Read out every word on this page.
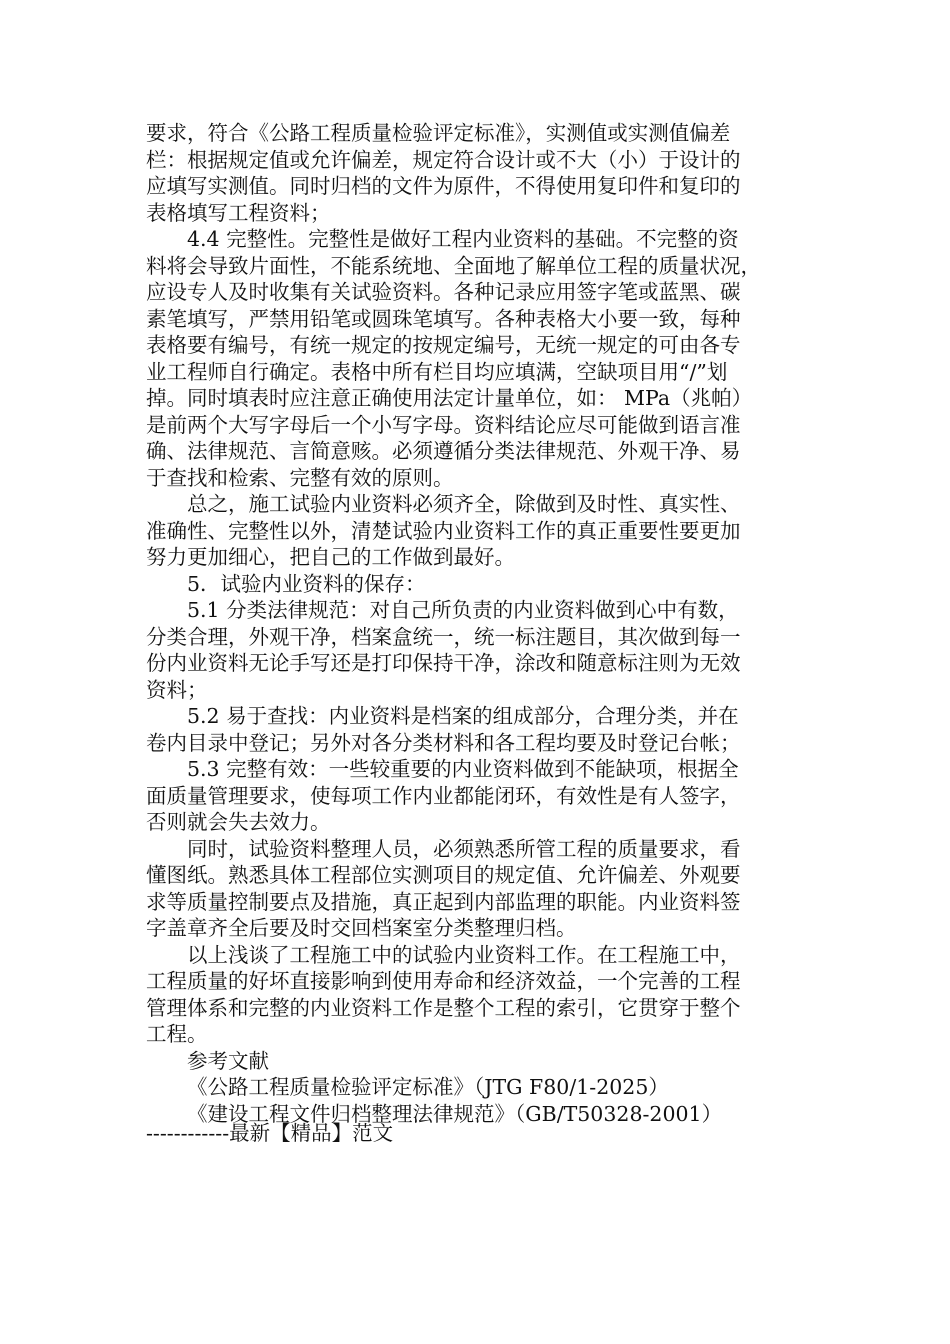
要求，符合《公路工程质量检验评定标准》，实测值或实测值偏差
栏：根据规定值或允许偏差，规定符合设计或不大（小）于设计的
应填写实测值。同时归档的文件为原件，不得使用复印件和复印的
表格填写工程资料；
4.4 完整性。完整性是做好工程内业资料的基础。不完整的资
料将会导致片面性，不能系统地、全面地了解单位工程的质量状况，
应设专人及时收集有关试验资料。各种记录应用签字笔或蓝黑、碳
素笔填写，严禁用铅笔或圆珠笔填写。各种表格大小要一致，每种
表格要有编号，有统一规定的按规定编号，无统一规定的可由各专
业工程师自行确定。表格中所有栏目均应填满，空缺项目用“/”划
掉。同时填表时应注意正确使用法定计量单位，如： MPa（兆帕）
是前两个大写字母后一个小写字母。资料结论应尽可能做到语言准
确、法律规范、言简意赅。必须遵循分类法律规范、外观干净、易
于查找和检索、完整有效的原则。
总之，施工试验内业资料必须齐全，除做到及时性、真实性、
准确性、完整性以外，清楚试验内业资料工作的真正重要性要更加
努力更加细心，把自己的工作做到最好。
5．试验内业资料的保存：
5.1 分类法律规范：对自己所负责的内业资料做到心中有数，
分类合理，外观干净，档案盒统一，统一标注题目，其次做到每一
份内业资料无论手写还是打印保持干净，涂改和随意标注则为无效
资料；
5.2 易于查找：内业资料是档案的组成部分，合理分类，并在
卷内目录中登记；另外对各分类材料和各工程均要及时登记台帐；
5.3 完整有效：一些较重要的内业资料做到不能缺项，根据全
面质量管理要求，使每项工作内业都能闭环，有效性是有人签字，
否则就会失去效力。
同时，试验资料整理人员，必须熟悉所管工程的质量要求，看
懂图纸。熟悉具体工程部位实测项目的规定值、允许偏差、外观要
求等质量控制要点及措施，真正起到内部监理的职能。内业资料签
字盖章齐全后要及时交回档案室分类整理归档。
以上浅谈了工程施工中的试验内业资料工作。在工程施工中，
工程质量的好坏直接影响到使用寿命和经济效益，一个完善的工程
管理体系和完整的内业资料工作是整个工程的索引，它贯穿于整个
工程。
参考文献
《公路工程质量检验评定标准》（JTG F80/1-2025）
《建设工程文件归档整理法律规范》（GB/T50328-2001）
------------最新【精品】范文
